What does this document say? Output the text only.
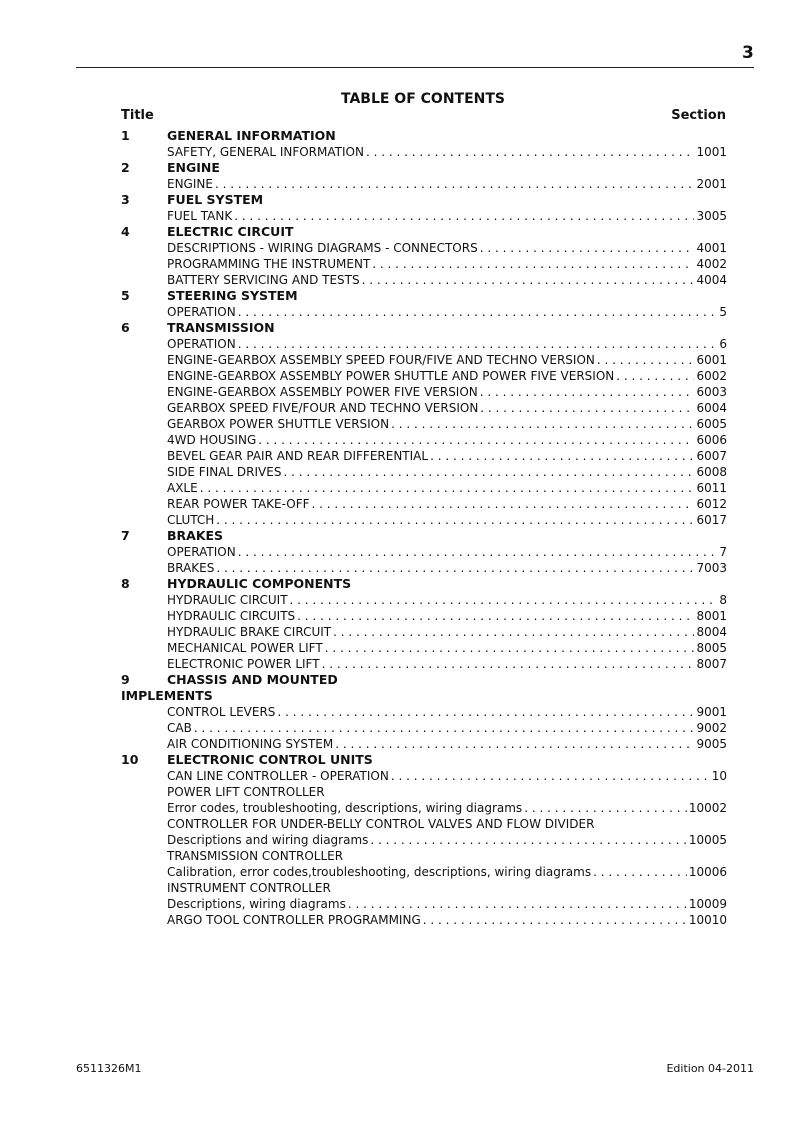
3
TABLE OF CONTENTS
Title	Section
1	GENERAL INFORMATION
SAFETY, GENERAL INFORMATION . . .	1001
2	ENGINE
ENGINE . . .	2001
3	FUEL SYSTEM
FUEL TANK . . .	3005
4	ELECTRIC CIRCUIT
DESCRIPTIONS - WIRING DIAGRAMS - CONNECTORS . . .	4001
PROGRAMMING THE INSTRUMENT . . .	4002
BATTERY SERVICING AND TESTS . . .	4004
5	STEERING SYSTEM
OPERATION . . .	5
6	TRANSMISSION
OPERATION . . .	6
ENGINE-GEARBOX ASSEMBLY SPEED FOUR/FIVE AND TECHNO VERSION . . .	6001
ENGINE-GEARBOX ASSEMBLY POWER SHUTTLE AND POWER FIVE VERSION . . .	6002
ENGINE-GEARBOX ASSEMBLY POWER FIVE VERSION . . .	6003
GEARBOX SPEED FIVE/FOUR AND TECHNO VERSION . . .	6004
GEARBOX POWER SHUTTLE VERSION . . .	6005
4WD HOUSING . . .	6006
BEVEL GEAR PAIR AND REAR DIFFERENTIAL . . .	6007
SIDE FINAL DRIVES . . .	6008
AXLE . . .	6011
REAR POWER TAKE-OFF . . .	6012
CLUTCH . . .	6017
7	BRAKES
OPERATION . . .	7
BRAKES . . .	7003
8	HYDRAULIC COMPONENTS
HYDRAULIC CIRCUIT . . .	8
HYDRAULIC CIRCUITS . . .	8001
HYDRAULIC BRAKE CIRCUIT . . .	8004
MECHANICAL POWER LIFT . . .	8005
ELECTRONIC POWER LIFT . . .	8007
9	CHASSIS AND MOUNTED
IMPLEMENTS
CONTROL LEVERS . . .	9001
CAB . . .	9002
AIR CONDITIONING SYSTEM . . .	9005
10	ELECTRONIC CONTROL UNITS
CAN LINE CONTROLLER - OPERATION . . .	10
POWER LIFT CONTROLLER
Error codes, troubleshooting, descriptions, wiring diagrams . . .	10002
CONTROLLER FOR UNDER-BELLY CONTROL VALVES AND FLOW DIVIDER
Descriptions and wiring diagrams . . .	10005
TRANSMISSION CONTROLLER
Calibration, error codes,troubleshooting, descriptions, wiring diagrams . . .	10006
INSTRUMENT CONTROLLER
Descriptions, wiring diagrams . . .	10009
ARGO TOOL CONTROLLER PROGRAMMING . . .	10010
6511326M1	Edition 04-2011
